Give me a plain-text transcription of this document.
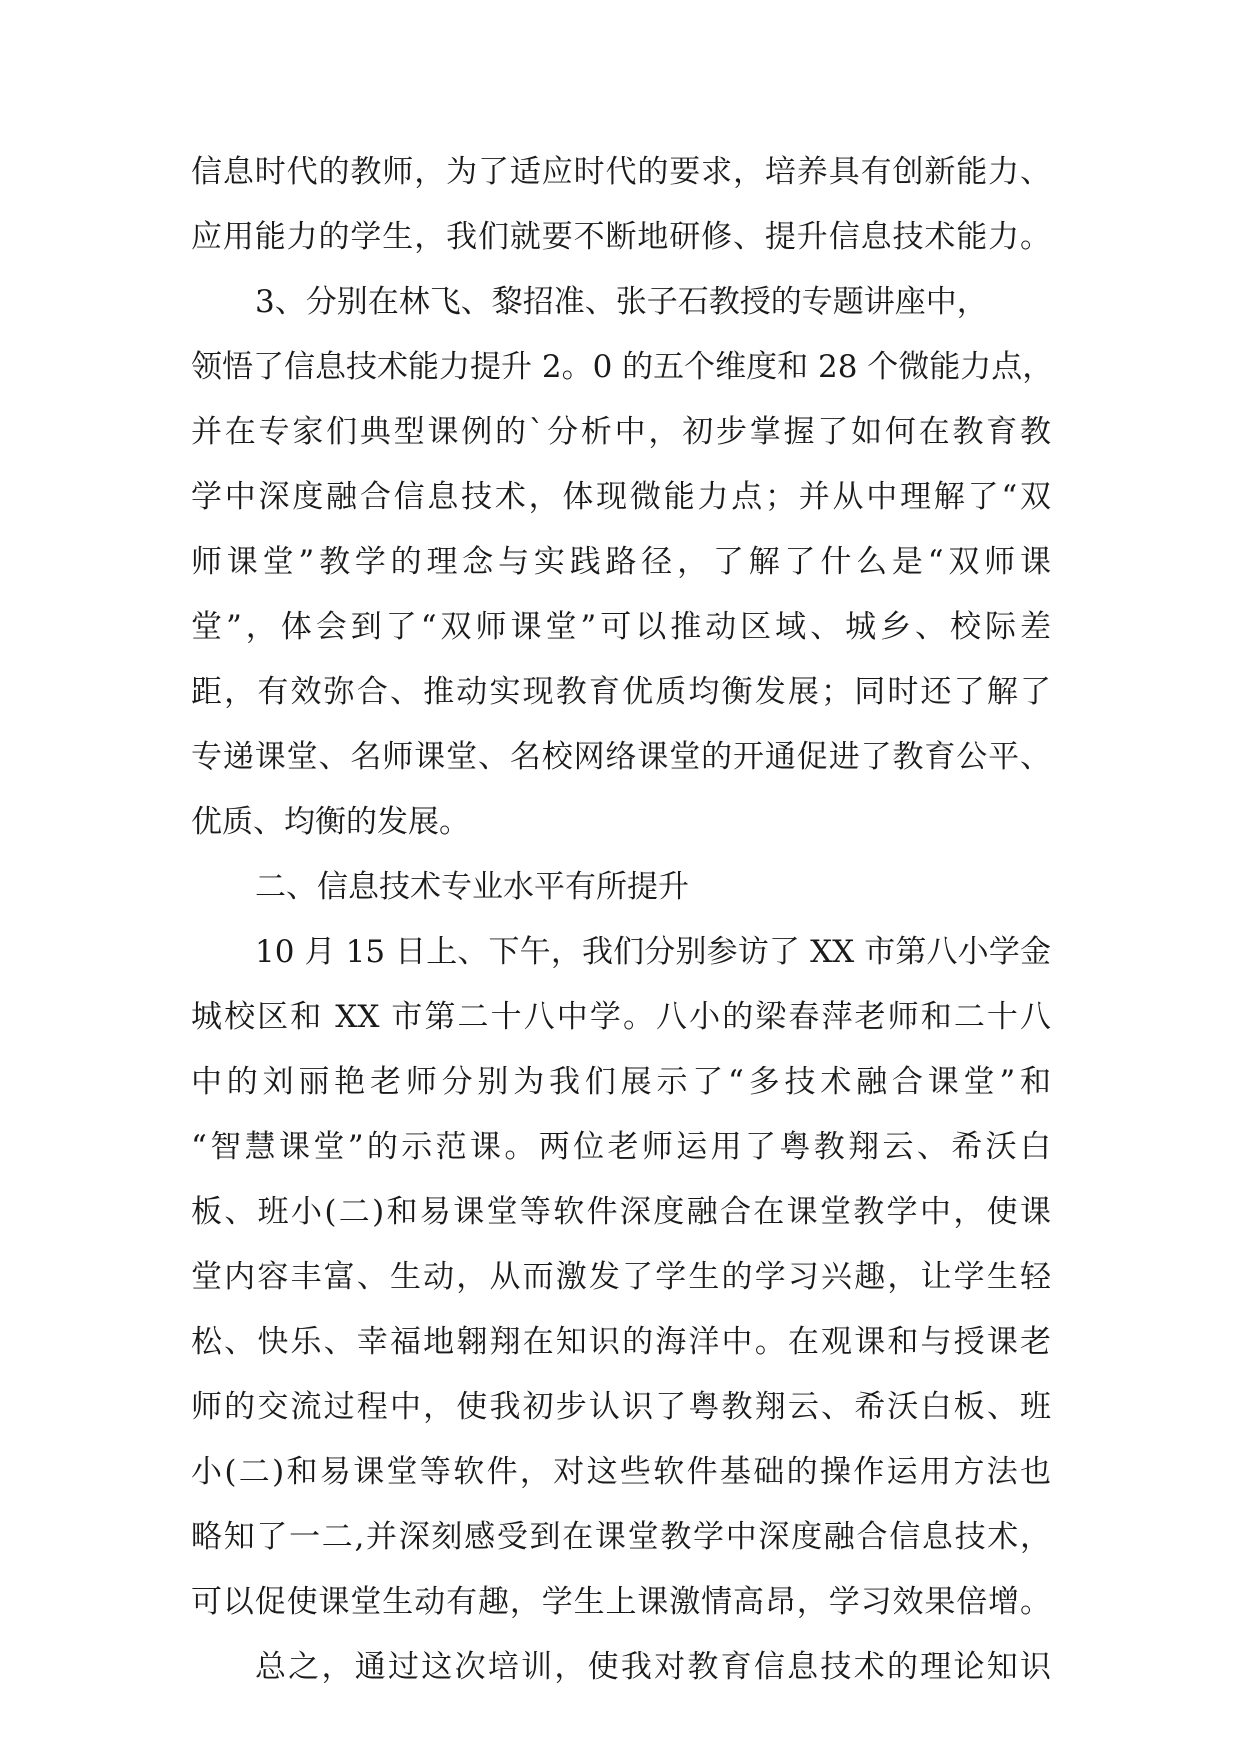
信息时代的教师，为了适应时代的要求，培养具有创新能力、
应用能力的学生，我们就要不断地研修、提升信息技术能力。
3、分别在林飞、黎招准、张子石教授的专题讲座中，
领悟了信息技术能力提升 2。0 的五个维度和 28 个微能力点，
并在专家们典型课例的`分析中，初步掌握了如何在教育教
学中深度融合信息技术，体现微能力点；并从中理解了“双
师课堂”教学的理念与实践路径，了解了什么是“双师课
堂”，体会到了“双师课堂”可以推动区域、城乡、校际差
距，有效弥合、推动实现教育优质均衡发展；同时还了解了
专递课堂、名师课堂、名校网络课堂的开通促进了教育公平、
优质、均衡的发展。
二、信息技术专业水平有所提升
10 月 15 日上、下午，我们分别参访了 XX 市第八小学金
城校区和 XX 市第二十八中学。八小的梁春萍老师和二十八
中的刘丽艳老师分别为我们展示了“多技术融合课堂”和
“智慧课堂”的示范课。两位老师运用了粤教翔云、希沃白
板、班小(二)和易课堂等软件深度融合在课堂教学中，使课
堂内容丰富、生动，从而激发了学生的学习兴趣，让学生轻
松、快乐、幸福地翱翔在知识的海洋中。在观课和与授课老
师的交流过程中，使我初步认识了粤教翔云、希沃白板、班
小(二)和易课堂等软件，对这些软件基础的操作运用方法也
略知了一二,并深刻感受到在课堂教学中深度融合信息技术，
可以促使课堂生动有趣，学生上课激情高昂，学习效果倍增。
总之，通过这次培训，使我对教育信息技术的理论知识
